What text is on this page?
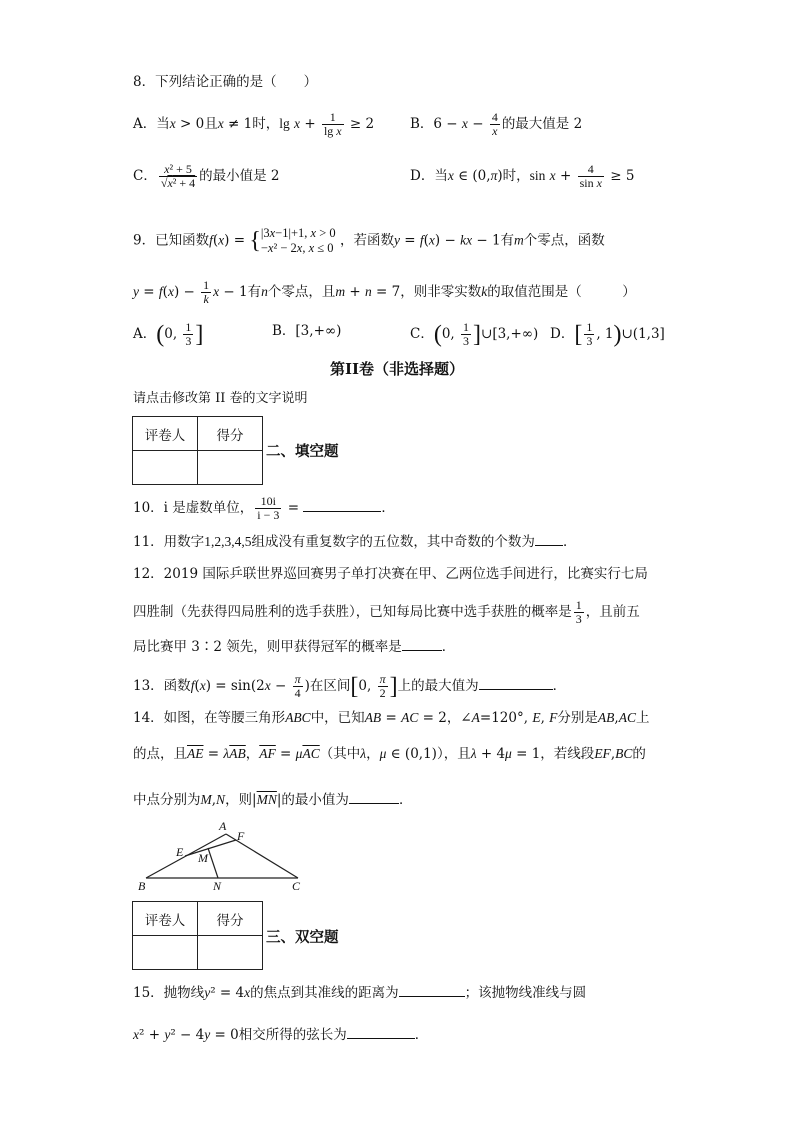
8．下列结论正确的是（　　）
A．当x > 0且x ≠ 1时，$\lg x + \frac{1}{\text{lg x}} \ge 2$	B．$6 - x - \frac{4}{x}$ 的最大值是 2
C． $\frac{\text{x² + 5}}{\text{√x² + 4}}$ 的最小值是 2	D．当x ∈ (0,π)时，$\sin x + \frac{4}{\text{sin x}} \ge 5$
9．已知函数f(x) = {|3x−1|+1, x > 0
−x² − 2x, x ≤ 0 ，若函数y = f(x) − kx − 1有m个零点，函数
$y = f(x) - \frac{1}{k}$ x − 1有n个零点，且m + n = 7，则非零实数k的取值范围是（　　　）
A．(0, $\frac{1}{3}$ ]	B．[3,+∞)	C．(0, $\frac{1}{3}$ ]∪[3,+∞) D．[ $\frac{1}{3}$ , 1)∪(1,3]
第II卷（非选择题）
请点击修改第 II 卷的文字说明
评卷人	得分

二、填空题
10．i 是虚数单位， $\frac{10i}{i - 3}$ =	．
11．用数字1,2,3,4,5组成没有重复数字的五位数，其中奇数的个数为 ．
12．2019 国际乒联世界巡回赛男子单打决赛在甲、乙两位选手间进行，比赛实行七局
四胜制（先获得四局胜利的选手获胜），已知每局比赛中选手获胜的概率是 $\frac{1}{3}$ ，且前五
局比赛甲 3∶2 领先，则甲获得冠军的概率是	．
13．函数$f(x) = \sin(2x - \frac{\pi}{4}$ )在区间[0, $\frac{\pi}{2}$ ]上的最大值为	．
14．如图，在等腰三角形ABC中，已知AB = AC = 2，∠A=120°, E, F分别是AB,AC上
的点，且$\overline{AE} = \lambda\overline{AB}$，$\overline{AF} = \mu\overline{AC}$（其中λ，μ ∈ (0,1)），且λ + 4μ = 1，若线段EF,BC的
中点分别为M,N，则$|\overline{MN}|$的最小值为	．
A
B	C
E
F
M
N
评卷人	得分

三、双空题
15．抛物线y² = 4x的焦点到其准线的距离为	；该抛物线准线与圆
x² + y² − 4y = 0相交所得的弦长为	．
